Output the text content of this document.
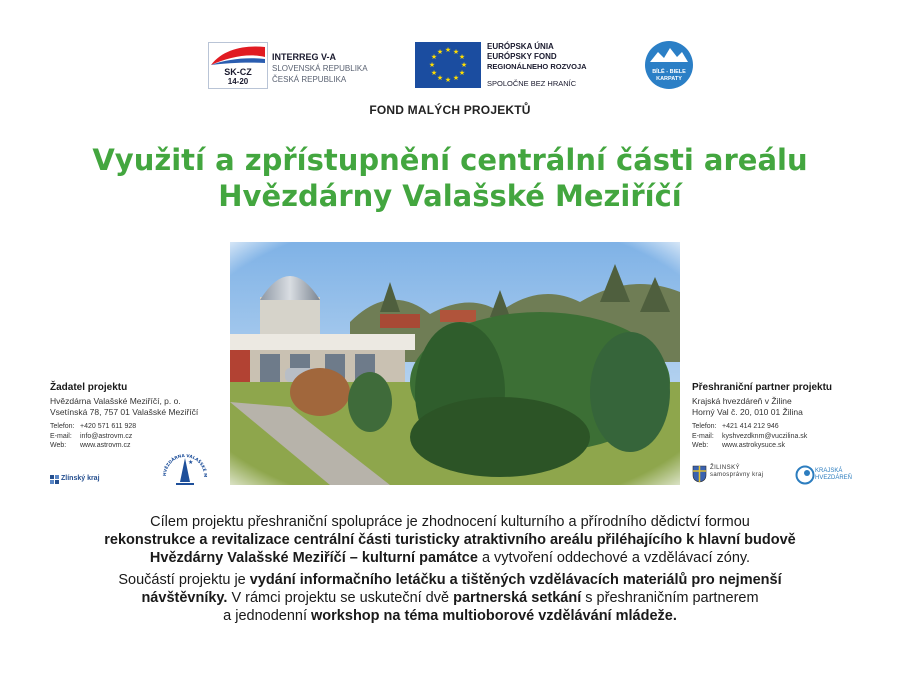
SK-CZ
14-20
INTERREG V-A
SLOVENSKÁ REPUBLIKA
ČESKÁ REPUBLIKA
★ ★
★
★
★
★
★
★
★
★
★
★
EURÓPSKA ÚNIA
EURÓPSKY FOND
REGIONÁLNEHO ROZVOJA
SPOLOČNE BEZ HRANÍC
BÍLÉ - BIELE
KARPATY
FOND MALÝCH PROJEKTŮ
Využití a zpřístupnění centrální části areálu
Hvězdárny Valašské Meziříčí
Žadatel projektu
Hvězdárna Valašské Meziříčí, p. o.
Vsetínská 78, 757 01 Valašské Meziříčí
Telefon: +420 571 611 928
E-mail: info@astrovm.cz
Web: www.astrovm.cz
Zlínský kraj
HVĚZDÁRNA VALAŠSKÉ M
★
Přeshraniční partner projektu
Krajská hvezdáreň v Žiline
Horný Val č. 20, 010 01 Žilina
Telefon: +421 414 212 946
E-mail: kyshvezdknm@vuczilina.sk
Web: www.astrokysuce.sk
ŽILINSKÝ
samosprávny kraj
KRAJSKÁ
HVEZDÁREŇ

Cílem projektu přeshraniční spolupráce je zhodnocení kulturního a přírodního dědictví formou
rekonstrukce a revitalizace centrální části turisticky atraktivního areálu přiléhajícího k hlavní budově
Hvězdárny Valašské Meziříčí – kulturní památce a vytvoření oddechové a vzdělávací zóny.

Součástí projektu je vydání informačního letáčku a tištěných vzdělávacích materiálů pro nejmenší
návštěvníky. V rámci projektu se uskuteční dvě partnerská setkání s přeshraničním partnerem
a jednodenní workshop na téma multioborové vzdělávání mládeže.
